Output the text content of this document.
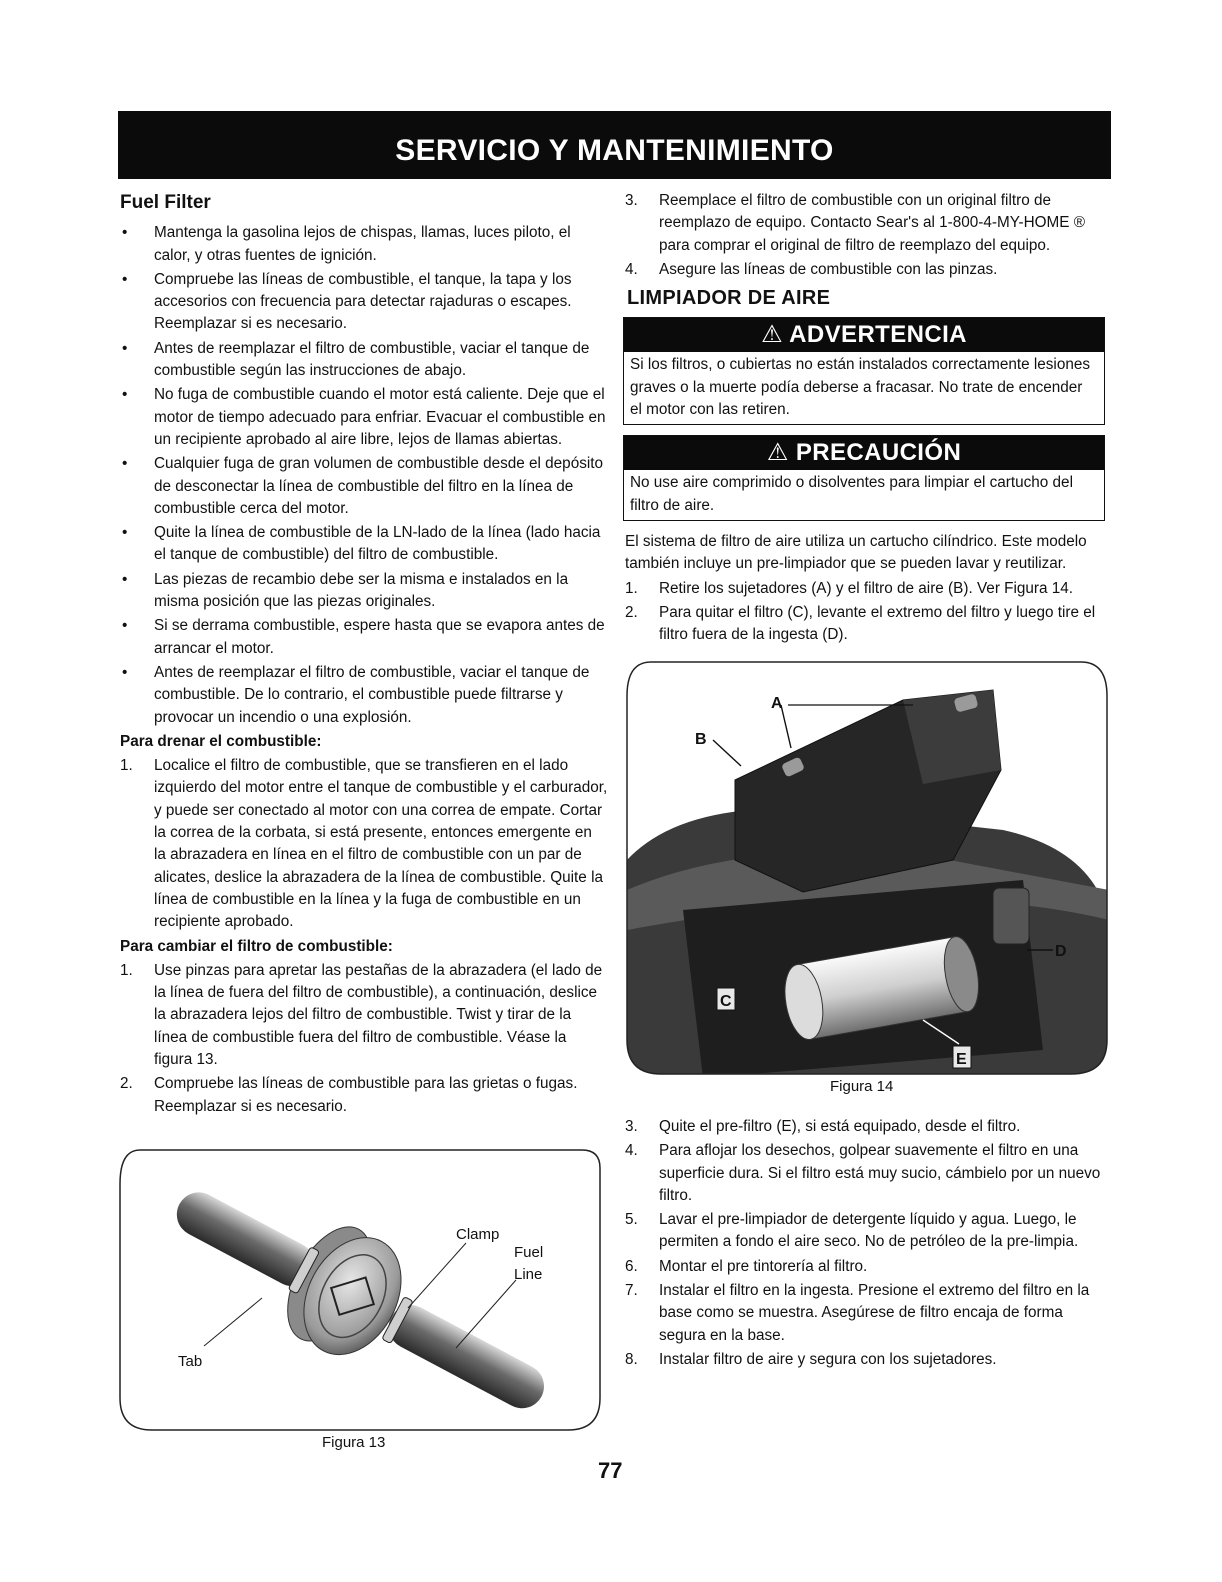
SERVICIO Y MANTENIMIENTO
Fuel Filter
• Mantenga la gasolina lejos de chispas, llamas, luces piloto, el calor, y otras fuentes de ignición.
• Compruebe las líneas de combustible, el tanque, la tapa y los accesorios con frecuencia para detectar rajaduras o escapes. Reemplazar si es necesario.
• Antes de reemplazar el filtro de combustible, vaciar el tanque de combustible según las instrucciones de abajo.
• No fuga de combustible cuando el motor está caliente. Deje que el motor de tiempo adecuado para enfriar. Evacuar el combustible en un recipiente aprobado al aire libre, lejos de llamas abiertas.
• Cualquier fuga de gran volumen de combustible desde el depósito de desconectar la línea de combustible del filtro en la línea de combustible cerca del motor.
• Quite la línea de combustible de la LN-lado de la línea (lado hacia el tanque de combustible) del filtro de combustible.
• Las piezas de recambio debe ser la misma e instalados en la misma posición que las piezas originales.
• Si se derrama combustible, espere hasta que se evapora antes de arrancar el motor.
• Antes de reemplazar el filtro de combustible, vaciar el tanque de combustible. De lo contrario, el combustible puede filtrarse y provocar un incendio o una explosión.
Para drenar el combustible:
1. Localice el filtro de combustible, que se transfieren en el lado izquierdo del motor entre el tanque de combustible y el carburador, y puede ser conectado al motor con una correa de empate. Cortar la correa de la corbata, si está presente, entonces emergente en la abrazadera en línea en el filtro de combustible con un par de alicates, deslice la abrazadera de la línea de combustible. Quite la línea de combustible en la línea y la fuga de combustible en un recipiente aprobado.
Para cambiar el filtro de combustible:
1. Use pinzas para apretar las pestañas de la abrazadera (el lado de la línea de fuera del filtro de combustible), a continuación, deslice la abrazadera lejos del filtro de combustible. Twist y tirar de la línea de combustible fuera del filtro de combustible. Véase la figura 13.
2. Compruebe las líneas de combustible para las grietas o fugas. Reemplazar si es necesario.
Clamp
Fuel
Line
Tab
Figura 13
3. Reemplace el filtro de combustible con un original filtro de reemplazo de equipo. Contacto Sear's al 1-800-4-MY-HOME ® para comprar el original de filtro de reemplazo del equipo.
4. Asegure las líneas de combustible con las pinzas.
LIMPIADOR DE AIRE
⚠ ADVERTENCIA
Si los filtros, o cubiertas no están instalados correctamente lesiones graves o la muerte podía deberse a fracasar. No trate de encender el motor con las retiren.
⚠ PRECAUCIÓN
No use aire comprimido o disolventes para limpiar el cartucho del filtro de aire.
El sistema de filtro de aire utiliza un cartucho cilíndrico. Este modelo también incluye un pre-limpiador que se pueden lavar y reutilizar.
1. Retire los sujetadores (A) y el filtro de aire (B). Ver Figura 14.
2. Para quitar el filtro (C), levante el extremo del filtro y luego tire el filtro fuera de la ingesta (D).
A
B
C
D
E
Figura 14
3. Quite el pre-filtro (E), si está equipado, desde el filtro.
4. Para aflojar los desechos, golpear suavemente el filtro en una superficie dura. Si el filtro está muy sucio, cámbielo por un nuevo filtro.
5. Lavar el pre-limpiador de detergente líquido y agua. Luego, le permiten a fondo el aire seco. No de petróleo de la pre-limpia.
6. Montar el pre tintorería al filtro.
7. Instalar el filtro en la ingesta. Presione el extremo del filtro en la base como se muestra. Asegúrese de filtro encaja de forma segura en la base.
8. Instalar filtro de aire y segura con los sujetadores.
77
